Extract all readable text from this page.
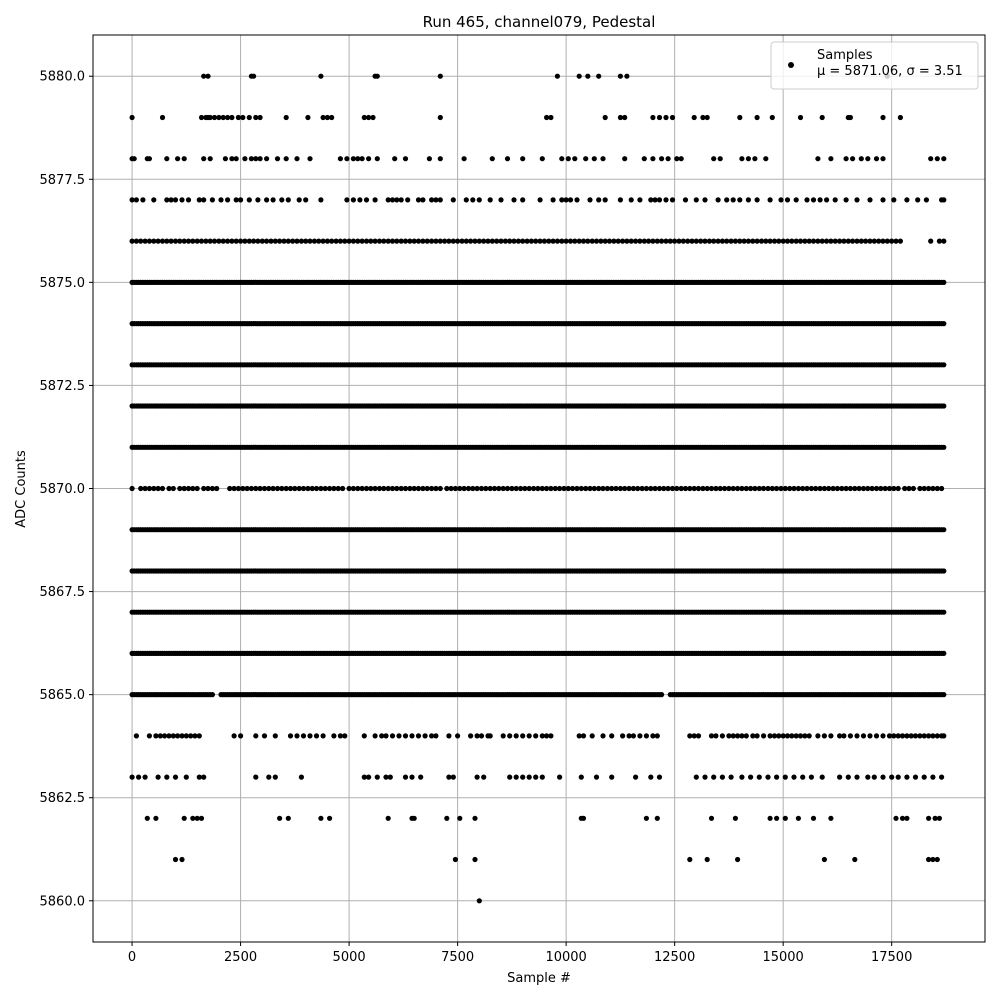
Run 465, channel079, Pedestal
0	2500	5000	7500	10000	12500	15000	17500
5860.0
5862.5
5865.0
5867.5
5870.0
5872.5
5875.0
5877.5
5880.0
Sample #
ADC Counts
Samples
μ = 5871.06, σ = 3.51
